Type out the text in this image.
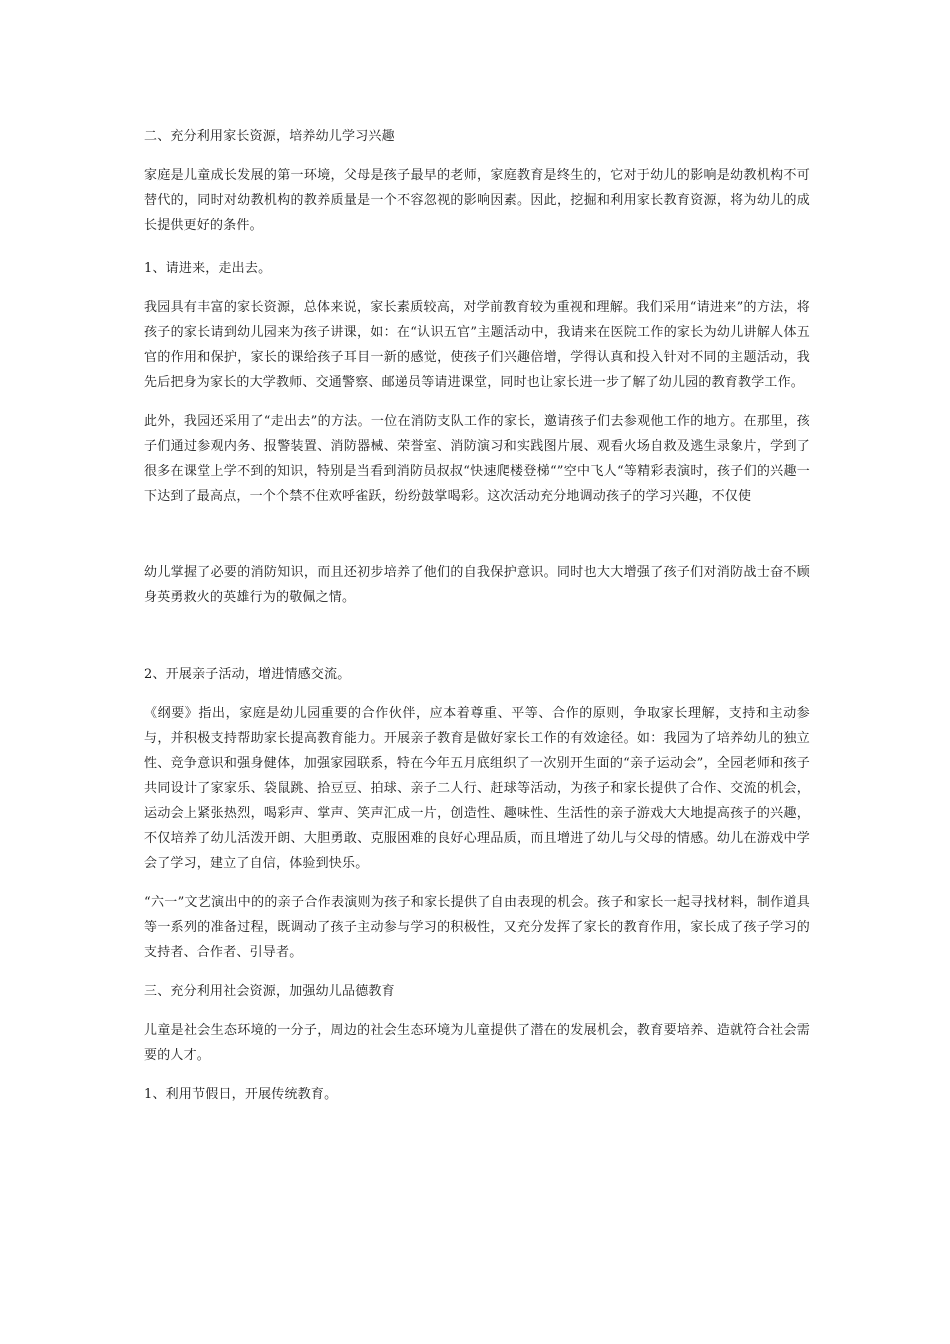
二、充分利用家长资源，培养幼儿学习兴趣

家庭是儿童成长发展的第一环境，父母是孩子最早的老师，家庭教育是终生的，它对于幼儿的影响是幼教机构不可替代的，同时对幼教机构的教养质量是一个不容忽视的影响因素。因此，挖掘和利用家长教育资源，将为幼儿的成长提供更好的条件。

1、请进来，走出去。

我园具有丰富的家长资源，总体来说，家长素质较高，对学前教育较为重视和理解。我们采用“请进来”的方法，将孩子的家长请到幼儿园来为孩子讲课，如：在“认识五官”主题活动中，我请来在医院工作的家长为幼儿讲解人体五官的作用和保护，家长的课给孩子耳目一新的感觉，使孩子们兴趣倍增，学得认真和投入针对不同的主题活动，我先后把身为家长的大学教师、交通警察、邮递员等请进课堂，同时也让家长进一步了解了幼儿园的教育教学工作。

此外，我园还采用了“走出去”的方法。一位在消防支队工作的家长，邀请孩子们去参观他工作的地方。在那里，孩子们通过参观内务、报警装置、消防器械、荣誉室、消防演习和实践图片展、观看火场自救及逃生录象片，学到了很多在课堂上学不到的知识，特别是当看到消防员叔叔“快速爬楼登梯“”空中飞人“等精彩表演时，孩子们的兴趣一下达到了最高点，一个个禁不住欢呼雀跃，纷纷鼓掌喝彩。这次活动充分地调动孩子的学习兴趣，不仅使

幼儿掌握了必要的消防知识，而且还初步培养了他们的自我保护意识。同时也大大增强了孩子们对消防战士奋不顾身英勇救火的英雄行为的敬佩之情。

2、开展亲子活动，增进情感交流。

《纲要》指出，家庭是幼儿园重要的合作伙伴，应本着尊重、平等、合作的原则，争取家长理解，支持和主动参与，并积极支持帮助家长提高教育能力。开展亲子教育是做好家长工作的有效途径。如：我园为了培养幼儿的独立性、竞争意识和强身健体，加强家园联系，特在今年五月底组织了一次别开生面的“亲子运动会”，全园老师和孩子共同设计了家家乐、袋鼠跳、拾豆豆、拍球、亲子二人行、赶球等活动，为孩子和家长提供了合作、交流的机会，运动会上紧张热烈，喝彩声、掌声、笑声汇成一片，创造性、趣味性、生活性的亲子游戏大大地提高孩子的兴趣，不仅培养了幼儿活泼开朗、大胆勇敢、克服困难的良好心理品质，而且增进了幼儿与父母的情感。幼儿在游戏中学会了学习，建立了自信，体验到快乐。

“六一”文艺演出中的的亲子合作表演则为孩子和家长提供了自由表现的机会。孩子和家长一起寻找材料，制作道具等一系列的准备过程，既调动了孩子主动参与学习的积极性，又充分发挥了家长的教育作用，家长成了孩子学习的支持者、合作者、引导者。

三、充分利用社会资源，加强幼儿品德教育

儿童是社会生态环境的一分子，周边的社会生态环境为儿童提供了潜在的发展机会，教育要培养、造就符合社会需要的人才。

1、利用节假日，开展传统教育。
